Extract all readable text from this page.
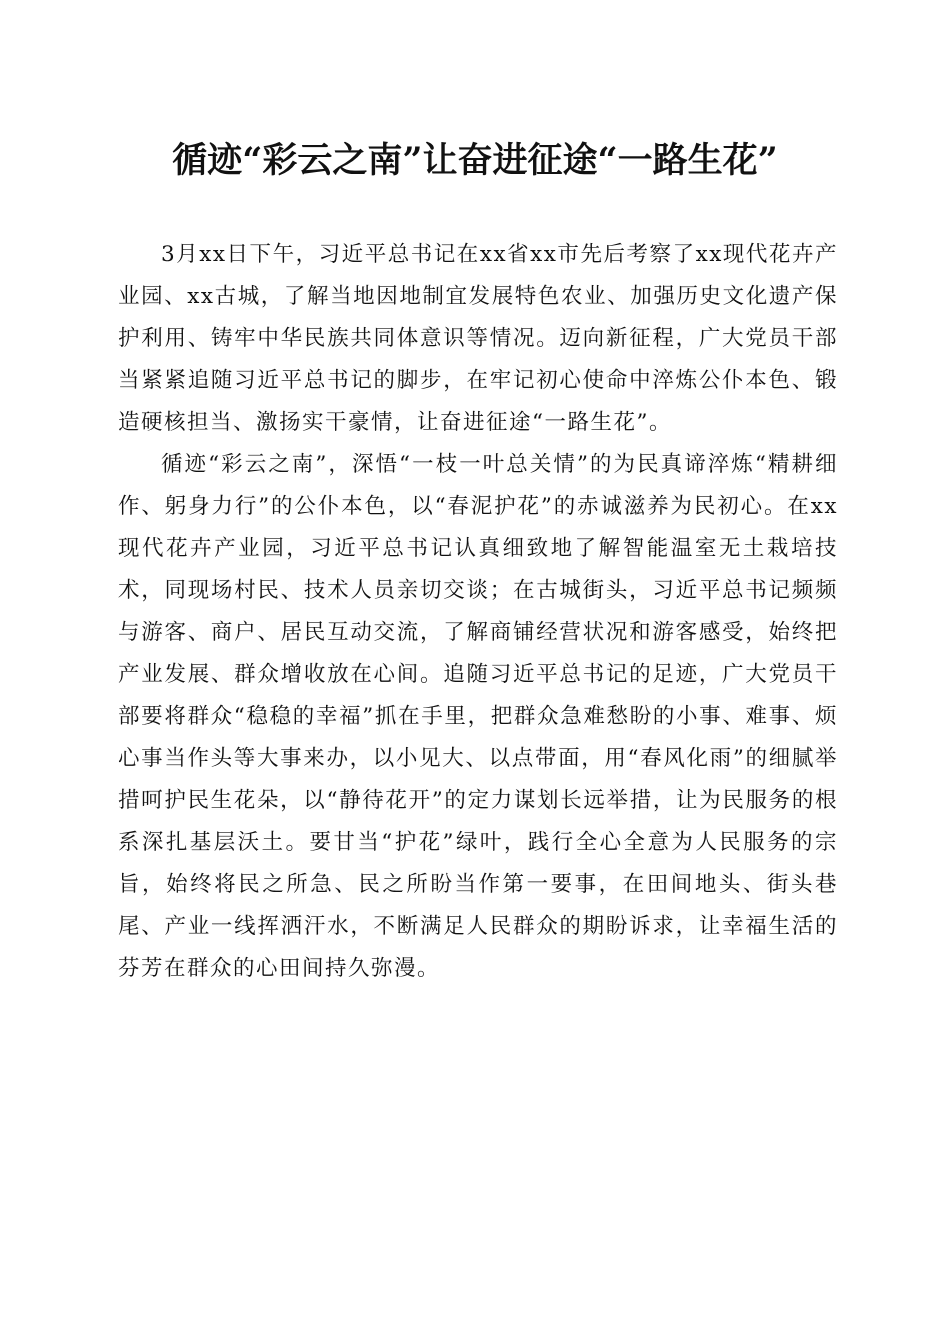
循迹“彩云之南”让奋进征途“一路生花”

3月xx日下午，习近平总书记在xx省xx市先后考察了xx现代花卉产业园、xx古城，了解当地因地制宜发展特色农业、加强历史文化遗产保护利用、铸牢中华民族共同体意识等情况。迈向新征程，广大党员干部当紧紧追随习近平总书记的脚步，在牢记初心使命中淬炼公仆本色、锻造硬核担当、激扬实干豪情，让奋进征途“一路生花”。

循迹“彩云之南”，深悟“一枝一叶总关情”的为民真谛淬炼“精耕细作、躬身力行”的公仆本色，以“春泥护花”的赤诚滋养为民初心。在xx现代花卉产业园，习近平总书记认真细致地了解智能温室无土栽培技术，同现场村民、技术人员亲切交谈；在古城街头，习近平总书记频频与游客、商户、居民互动交流，了解商铺经营状况和游客感受，始终把产业发展、群众增收放在心间。追随习近平总书记的足迹，广大党员干部要将群众“稳稳的幸福”抓在手里，把群众急难愁盼的小事、难事、烦心事当作头等大事来办，以小见大、以点带面，用“春风化雨”的细腻举措呵护民生花朵，以“静待花开”的定力谋划长远举措，让为民服务的根系深扎基层沃土。要甘当“护花”绿叶，践行全心全意为人民服务的宗旨，始终将民之所急、民之所盼当作第一要事，在田间地头、街头巷尾、产业一线挥洒汗水，不断满足人民群众的期盼诉求，让幸福生活的芬芳在群众的心田间持久弥漫。
